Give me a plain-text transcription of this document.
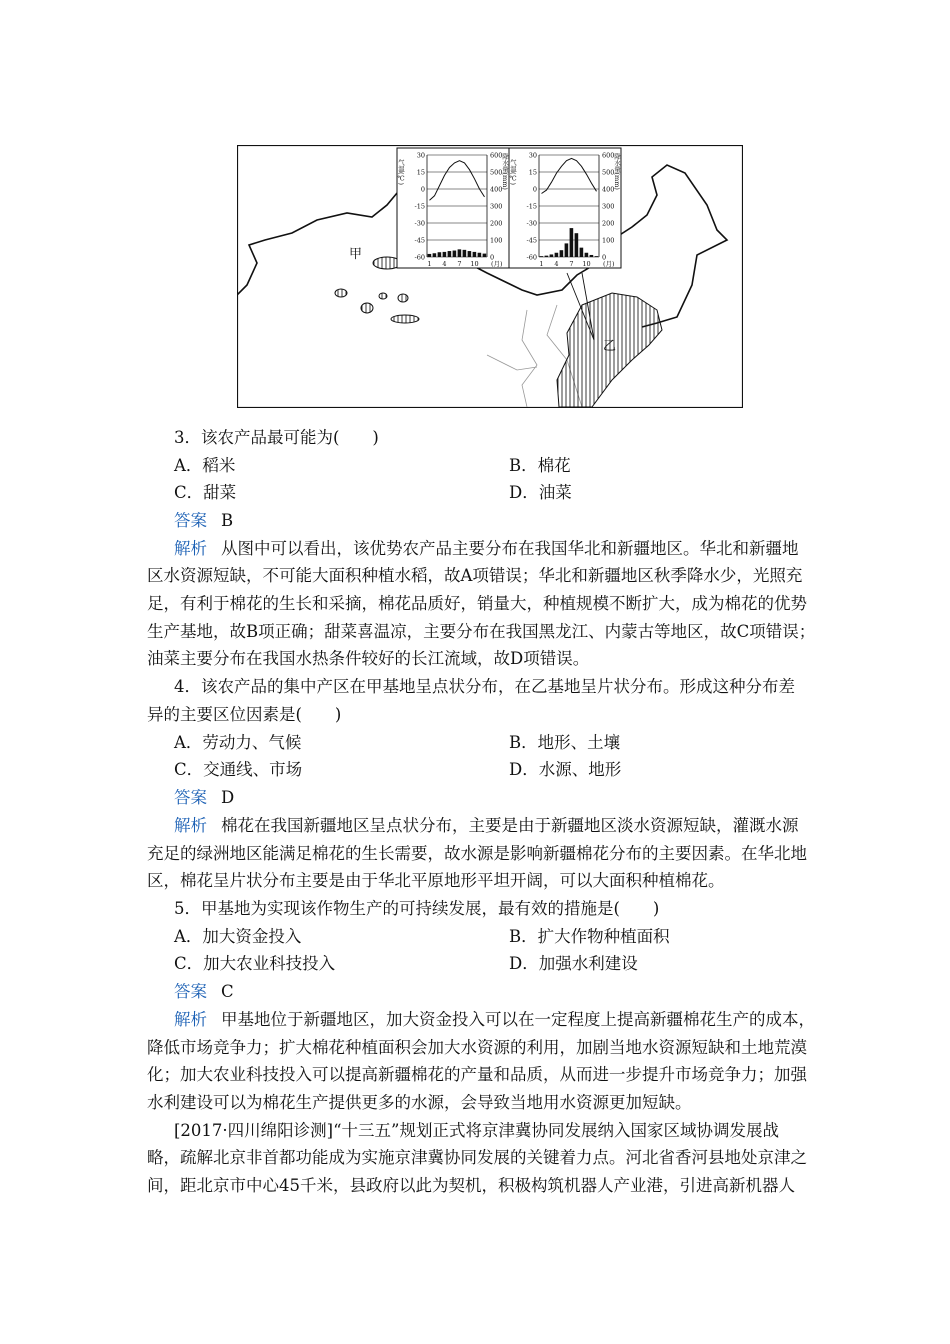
甲
乙
30
15
0
-15
-30
-45
-60
600
500
400
300
200
100
0
气温(℃)	降水量(mm)
1 4 7 10 (月)
30
15
0
-15
-30
-45
-60
600
500
400
300
200
100
0
气温(℃)	降水量(mm)
1 4 7 10 (月)
3．该农产品最可能为(　　)
A．稻米	B．棉花
C．甜菜	D．油菜
答案 B
解析 从图中可以看出，该优势农产品主要分布在我国华北和新疆地区。华北和新疆地
区水资源短缺，不可能大面积种植水稻，故A项错误；华北和新疆地区秋季降水少，光照充
足，有利于棉花的生长和采摘，棉花品质好，销量大，种植规模不断扩大，成为棉花的优势
生产基地，故B项正确；甜菜喜温凉，主要分布在我国黑龙江、内蒙古等地区，故C项错误；
油菜主要分布在我国水热条件较好的长江流域，故D项错误。
4．该农产品的集中产区在甲基地呈点状分布，在乙基地呈片状分布。形成这种分布差
异的主要区位因素是(　　)
A．劳动力、气候	B．地形、土壤
C．交通线、市场	D．水源、地形
答案 D
解析 棉花在我国新疆地区呈点状分布，主要是由于新疆地区淡水资源短缺，灌溉水源
充足的绿洲地区能满足棉花的生长需要，故水源是影响新疆棉花分布的主要因素。在华北地
区，棉花呈片状分布主要是由于华北平原地形平坦开阔，可以大面积种植棉花。
5．甲基地为实现该作物生产的可持续发展，最有效的措施是(　　)
A．加大资金投入	B．扩大作物种植面积
C．加大农业科技投入	D．加强水利建设
答案 C
解析 甲基地位于新疆地区，加大资金投入可以在一定程度上提高新疆棉花生产的成本，
降低市场竞争力；扩大棉花种植面积会加大水资源的利用，加剧当地水资源短缺和土地荒漠
化；加大农业科技投入可以提高新疆棉花的产量和品质，从而进一步提升市场竞争力；加强
水利建设可以为棉花生产提供更多的水源，会导致当地用水资源更加短缺。
[2017·四川绵阳诊测]“十三五”规划正式将京津冀协同发展纳入国家区域协调发展战
略，疏解北京非首都功能成为实施京津冀协同发展的关键着力点。河北省香河县地处京津之
间，距北京市中心45千米，县政府以此为契机，积极构筑机器人产业港，引进高新机器人
